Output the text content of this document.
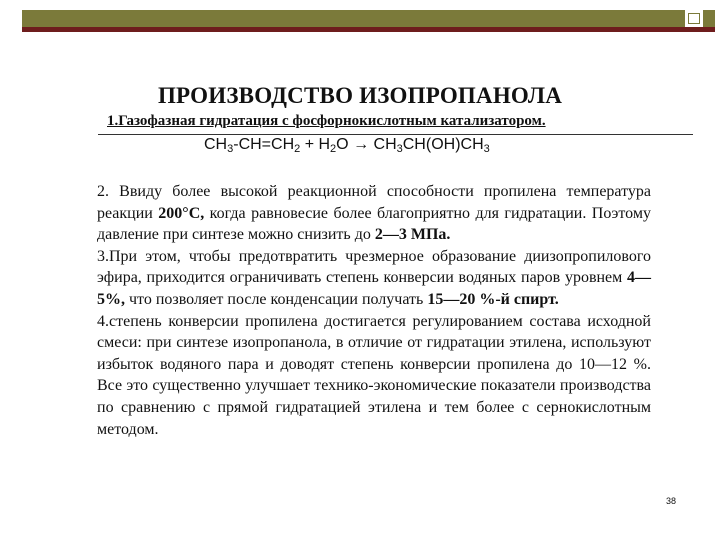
ПРОИЗВОДСТВО ИЗОПРОПАНОЛА
1.Газофазная гидратация с фосфорнокислотным катализатором.
$CH_3-CH=CH_2 + H_2O \to CH_3CH(OH)CH_3$

2. Ввиду более высокой реакционной способности пропилена температура реакции 200°С, когда равновесие более благоприятно для гидратации. Поэтому давление при синтезе можно снизить до 2—3 МПа.

3.При этом, чтобы предотвратить чрезмерное образование диизопропилового эфира, приходится ограничивать степень конверсии водяных паров уровнем 4—5%, что позволяет после конденсации получать 15—20 %-й спирт.

4.степень конверсии пропилена достигается регулированием состава исходной смеси: при синтезе изопропанола, в отличие от гидратации этилена, используют избыток водяного пара и доводят степень конверсии пропилена до 10—12 %. Все это существенно улучшает технико-экономические показатели производства по сравнению с прямой гидратацией этилена и тем более с сернокислотным методом.

38
